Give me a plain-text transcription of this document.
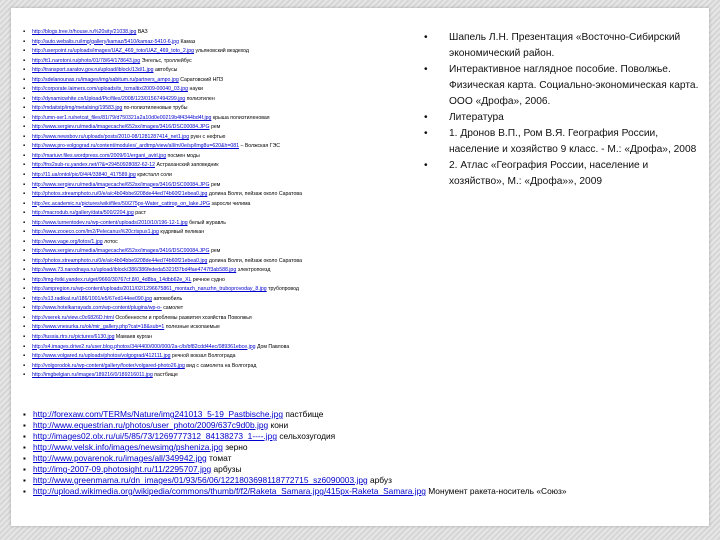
▪ http://blogs.tree.tr/house.ru%20sity/21038.jpg ВАЗ
▪ http://auto.webalis.ru/img/gallery/kamaz/5410/kamaz-5410-6.jpg Камаз
▪ http://userpoint.ru/uploads/images/UAZ_469_toto/UAZ_469_toto_2.jpg ульяновский вездеход
▪ http://tt1.narotoni.ru/photo/01/78/64/178643.jpg Энгельс, троллейбус
▪ http://transport.saratov.gov.ru/upload/iblock/13d/1.jpg автобусы
▪ http://sdelanounas.ru/images/img/sabitum.ru/partners_ampo.jpg Саратовский НПЗ
▪ http://corporate.laimers.com/uploads/tx_tcmaltix/2009-00040_03.jpg науки
▪ http://dynamicwhite.cn/Upload/Pic/files/2008/123/01567494299.jpg полиэтилен
▪ http://mdaitstp/img/metalsing/19583.jpg по-полиэтиленовые трубы
▪ http://umn-ser1.ru/netcat_files/81/79/d750321a2a10d0e00219b4f4344bd4f.jpg крыша полиэтиленовая
▪ http://www.sergiev.ru/media/imagecache/652sx/images/3416/DSC00084.JPG рем
▪ http://www.newsbov.ru/uploads/posts/2010-08/1281287414_net1.jpg рукн с нефтью
▪ http://www.pro-volgograd.ru/content/modules/_ardtmp/view/all/m/0e/sp/lmg8u=620&h=081 – Волжская ГЭС
▪ http://mariuvr.files.wordpress.com/2009/01/ergani_avirl.jpg посмен моды
▪ http://fns2sub-ru.yandex.net/i?&=29450928082-62-12 Астраханский заповедник
▪ http://11.ua/ontol/pic/0/4/4/33840_417589.jpg кристалл соли
▪ http://www.sergiev.ru/media/imagecache/652sx/images/3416/DSC00084.JPG рем
▪ http://photos.streamphoto.ru/0/e/a/c4b04bbe9208de44ed74b60f21ebea0.jpg долина Волги, пейзаж около Саратова
▪ http://ec.academic.ru/pictures/wiki/files/50/275px-Water_cattrop_on_lake.JPG заросли чилима
▪ http://macrodub.ru/gallery/data/500/2204.jpg раст
▪ http://www.turnentodev.ru/wp-content/uploads/2010/10/196-12-1.jpg белый журавль
▪ http://www.zooeco.com/lm2/Pelecanus%20crispus1.jpg кудрявый пеликан
▪ http://www.vage.org/lotos/1.jpg лотос
▪ http://www.sergiev.ru/media/imagecache/652sx/images/3416/DSC00084.JPG рем
▪ http://photos.streamphoto.ru/0/e/a/c4b04bbe9208de44ed74b60f21ebea0.jpg долина Волги, пейзаж около Саратова
▪ http://www.73.narodnaya.ru/upload/iblock/386/386fededa5321f37bd4fae4747f3ab588.jpg электропоезд
▪ http://img-fotki.yandex.ru/get/9660/30767cf.8/0_4d8ba_14dbb62e_XL речное судно
▪ http://ampregion.ru/wp-content/uploads/2011/02/1296675861_montazh_naruzhn_truboprovoday_8.jpg трубопровод
▪ http://s13.radikal.ru/i186/1001/e5/67ed144ee090.jpg автомобиль
▪ http://www.hotelkarrayads.com/wp-content/plugins/wp-o- самолет
▪ http://vserek.ru/view.c0c6826D.html Особенности и проблемы развития хозяйства Поволжья
▪ http://www.vnesurka.ru/ok/mir_gallery.php?cat=18&sub=1 полезные ископаемые
▪ http://tussia.rtrs.ru/pictures/6130.jpg Мамаев курган
▪ http://s4.images.drive2.ru/user.blog.photos/34/4400/000/000/2a-c/b/bf82cdd44ec/089361ebce.jpg Дом Павлова
▪ http://www.volgared.ru/uploads/photos/volgograd/412111.jpg речной вокзал Волгограда
▪ http://volgorodok.ru/wp-content/gallery/footer/volgared-photo26.jpg вид с самолета на Волгоград
▪ http://imgbelgian.ru/images/189216/0/189216011.jpg пастбище
▪ http://forexaw.com/TERMs/Nature/img241013_5-19_Pastbische.jpg пастбище
▪ http://www.equestrian.ru/photos/user_photo/2009/637c9d0b.jpg кони
▪ http://images02.olx.ru/ui/5/85/73/1269777312_84138273_1----.jpg сельхозугодия
▪ http://www.velsk.info/images/newsimg/psheniza.jpg зерно
▪ http://www.povarenok.ru/images/all/349942.jpg томат
▪ http://img-2007-09.photosight.ru/11/2295707.jpg арбузы
▪ http://www.greenmama.ru/dn_images/01/93/56/06/1221803698118772715_sz6090003.jpg арбуз
▪ http://upload.wikimedia.org/wikipedia/commons/thumb/f/f2/Raketa_Samara.jpg/415px-Raketa_Samara.jpg Монумент ракета-носитель «Союз»
• Шапель Л.Н. Презентация «Восточно-Сибирский экономический район.
• Интерактивное наглядное пособие. Поволжье. Физическая карта. Социально-экономическая карта. ООО «Дрофа», 2006.
• Литература
• 1. Дронов В.П., Ром В.Я. География России, население и хозяйство 9 класс. - М.: «Дрофа», 2008
• 2. Атлас «География России, население и хозяйство», М.: «Дрофа»», 2009
